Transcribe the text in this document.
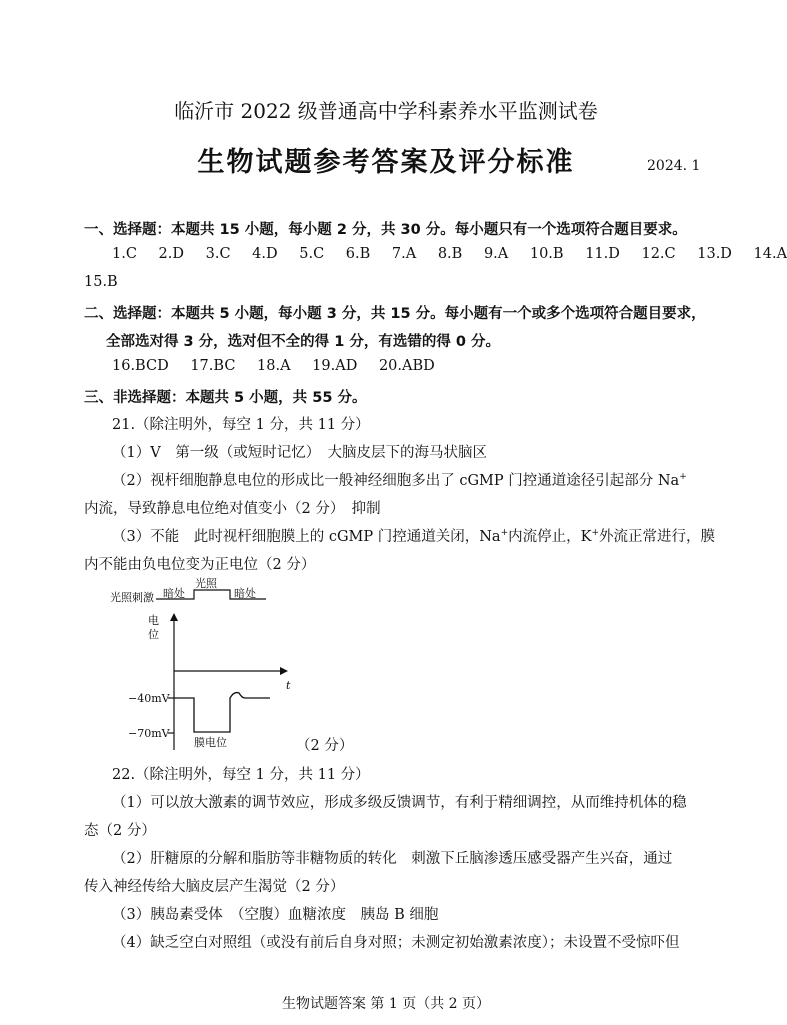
临沂市 2022 级普通高中学科素养水平监测试卷
生物试题参考答案及评分标准	2024. 1
一、选择题：本题共 15 小题，每小题 2 分，共 30 分。每小题只有一个选项符合题目要求。
1.C 2.D 3.C 4.D 5.C 6.B 7.A 8.B 9.A 10.B 11.D 12.C 13.D 14.A
15.B
二、选择题：本题共 5 小题，每小题 3 分，共 15 分。每小题有一个或多个选项符合题目要求，
全部选对得 3 分，选对但不全的得 1 分，有选错的得 0 分。
16.BCD 17.BC 18.A 19.AD 20.ABD
三、非选择题：本题共 5 小题，共 55 分。
21.（除注明外，每空 1 分，共 11 分）
（1）V　第一级（或短时记忆）　大脑皮层下的海马状脑区
（2）视杆细胞静息电位的形成比一般神经细胞多出了 cGMP 门控通道途径引起部分 Na+
内流，导致静息电位绝对值变小（2 分）　抑制
（3）不能　此时视杆细胞膜上的 cGMP 门控通道关闭，Na+内流停止，K+外流正常进行，膜
内不能由负电位变为正电位（2 分）
光照刺激 暗处
光照
暗处
电
位
t
−40mV
−70mV
膜电位	（2 分）
22.（除注明外，每空 1 分，共 11 分）
（1）可以放大激素的调节效应，形成多级反馈调节，有利于精细调控，从而维持机体的稳
态（2 分）
（2）肝糖原的分解和脂肪等非糖物质的转化　刺激下丘脑渗透压感受器产生兴奋，通过
传入神经传给大脑皮层产生渴觉（2 分）
（3）胰岛素受体　（空腹）血糖浓度　胰岛 B 细胞
（4）缺乏空白对照组（或没有前后自身对照；未测定初始激素浓度）；未设置不受惊吓但
生物试题答案 第 1 页（共 2 页）
